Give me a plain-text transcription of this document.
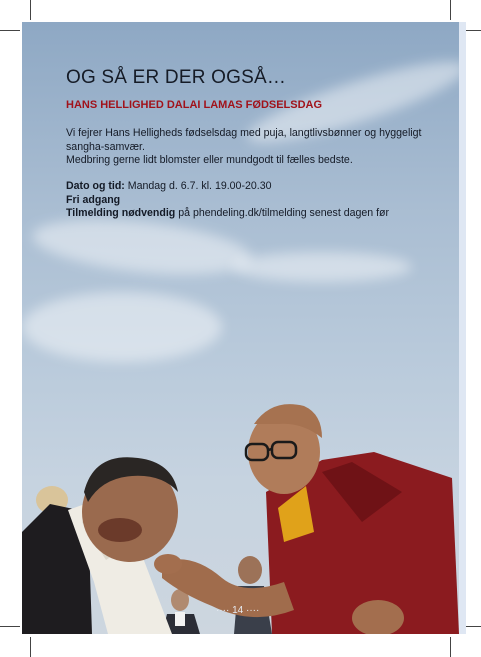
OG SÅ ER DER OGSÅ…
HANS HELLIGHED DALAI LAMAS FØDSELSDAG
Vi fejrer Hans Helligheds fødselsdag med puja, langtlivsbønner og hyggeligt sangha-samvær.
Medbring gerne lidt blomster eller mundgodt til fælles bedste.
Dato og tid: Mandag d. 6.7. kl. 19.00-20.30
Fri adgang
Tilmelding nødvendig på phendeling.dk/tilmelding senest dagen før
···· 14 ····
